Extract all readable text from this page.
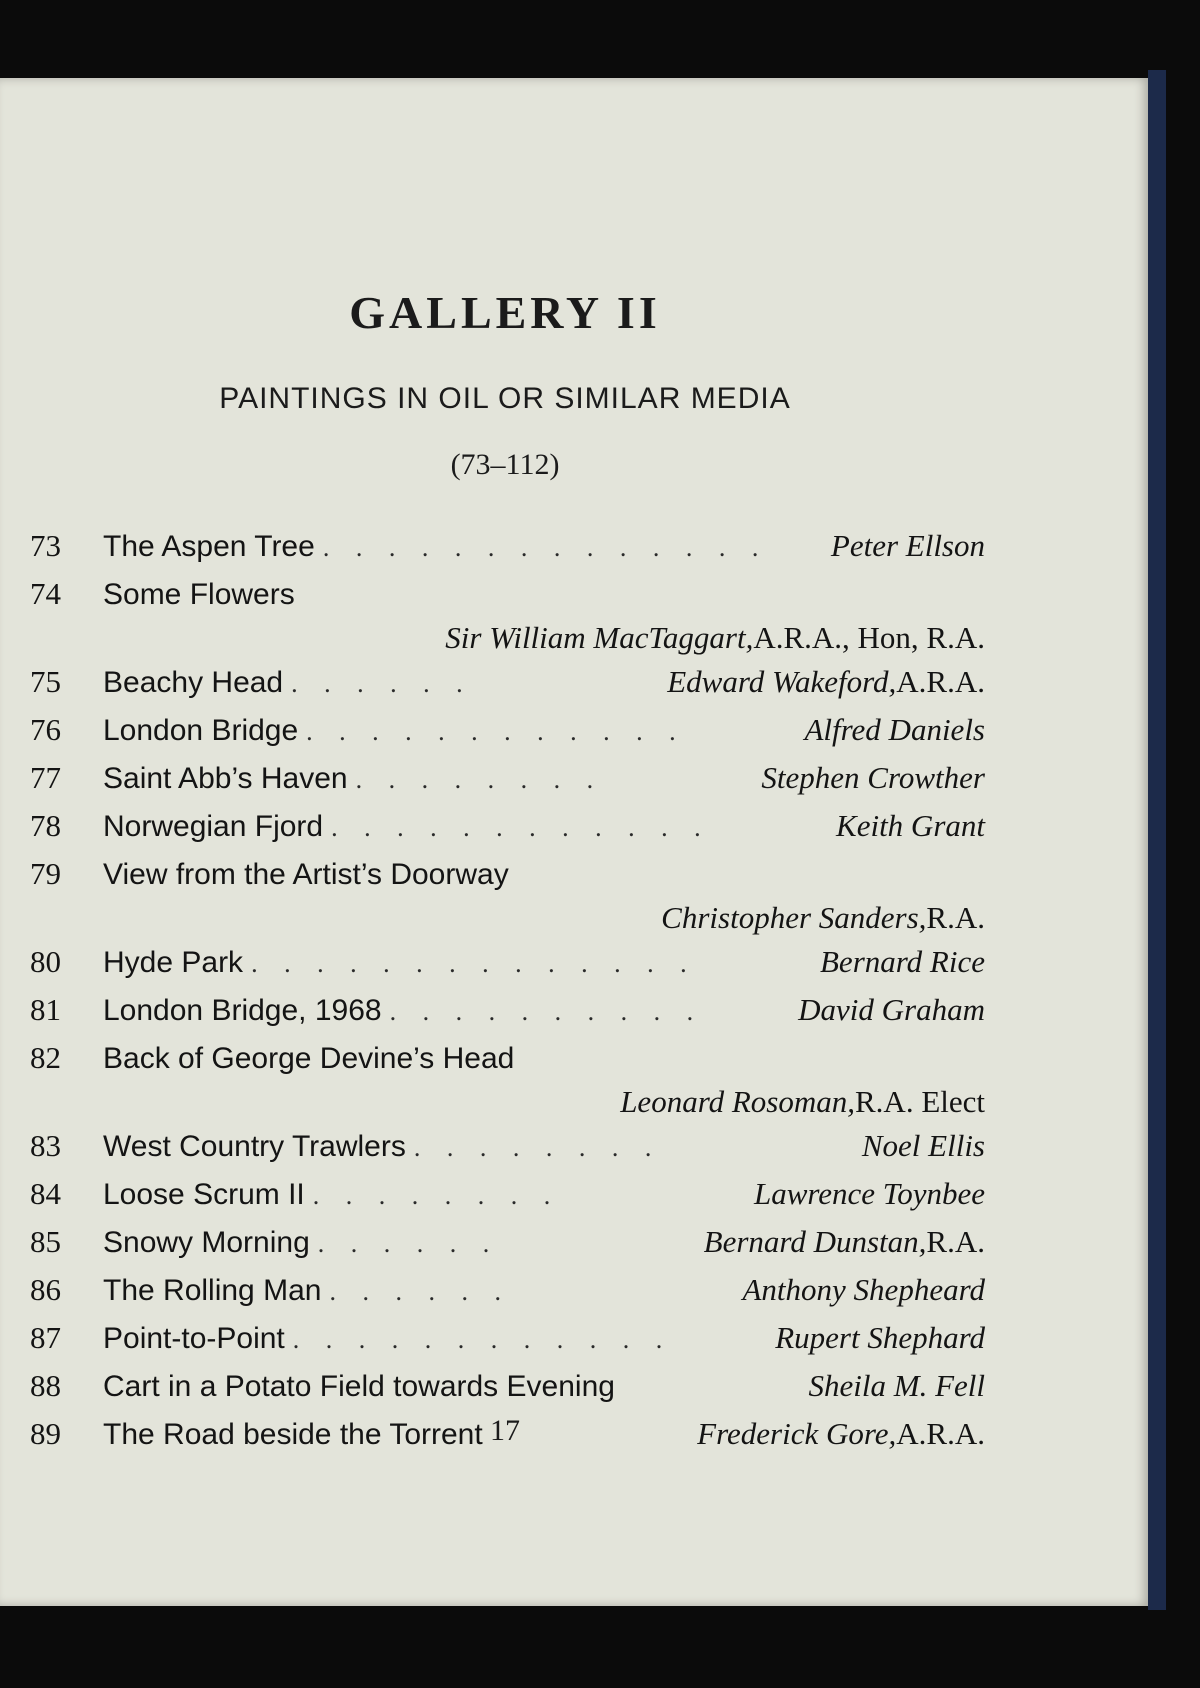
GALLERY II
PAINTINGS IN OIL OR SIMILAR MEDIA
(73–112)
73	The Aspen Tree . . . . . . . . . . . . . .	Peter Ellson
74	Some Flowers
Sir William MacTaggart, A.R.A., Hon, R.A.
75	Beachy Head . . . . . .	Edward Wakeford, A.R.A.
76	London Bridge . . . . . . . . . . . .	Alfred Daniels
77	Saint Abb’s Haven . . . . . . . .	Stephen Crowther
78	Norwegian Fjord . . . . . . . . . . . .	Keith Grant
79	View from the Artist’s Doorway
Christopher Sanders, R.A.
80	Hyde Park . . . . . . . . . . . . . .	Bernard Rice
81	London Bridge, 1968 . . . . . . . . . .	David Graham
82	Back of George Devine’s Head
Leonard Rosoman, R.A. Elect
83	West Country Trawlers . . . . . . . .	Noel Ellis
84	Loose Scrum II . . . . . . . .	Lawrence Toynbee
85	Snowy Morning . . . . . .	Bernard Dunstan, R.A.
86	The Rolling Man . . . . . .	Anthony Shepheard
87	Point-to-Point . . . . . . . . . . . .	Rupert Shephard
88	Cart in a Potato Field towards Evening	Sheila M. Fell
89	The Road beside the Torrent	Frederick Gore, A.R.A.
17
